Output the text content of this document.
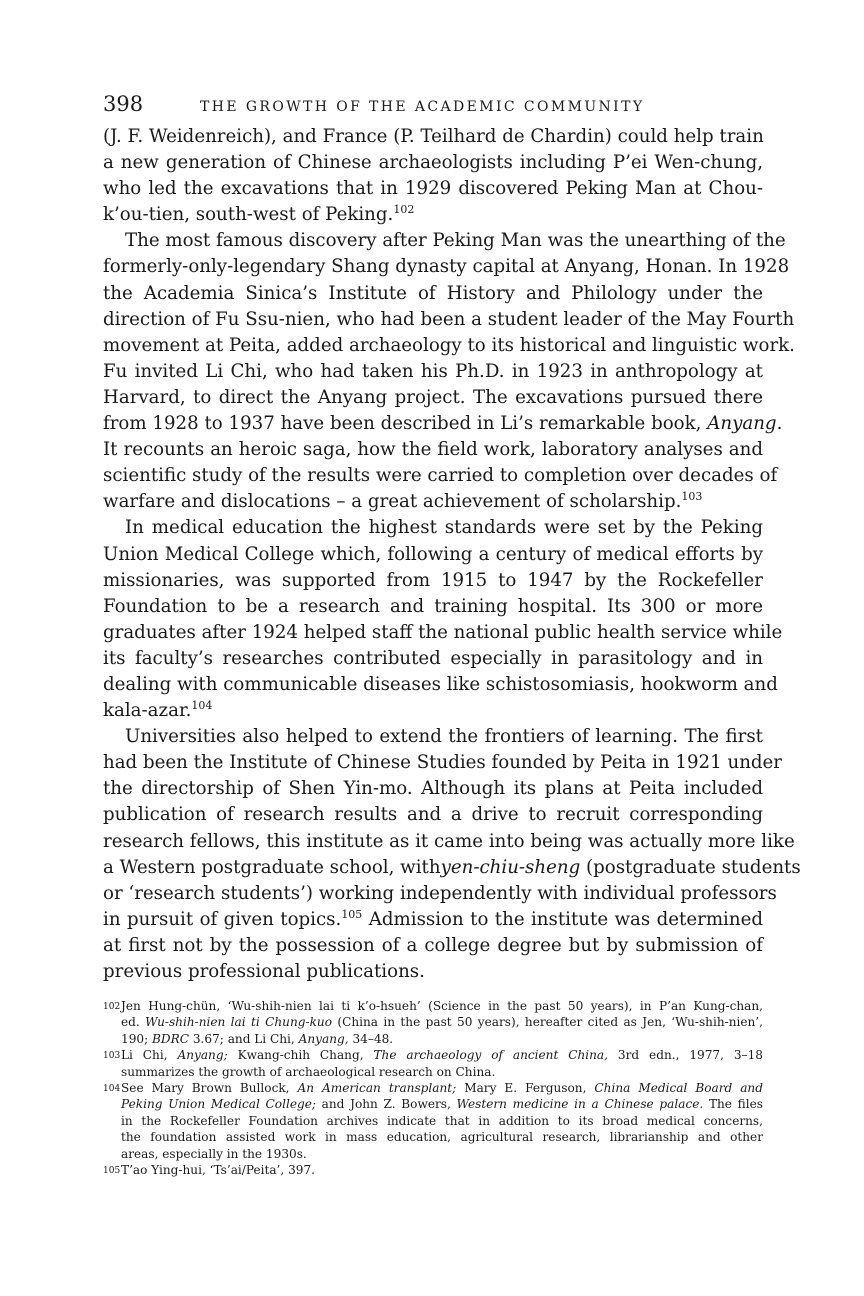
398	THE GROWTH OF THE ACADEMIC COMMUNITY
(J. F. Weidenreich), and France (P. Teilhard de Chardin) could help train
a new generation of Chinese archaeologists including P’ei Wen-chung,
who led the excavations that in 1929 discovered Peking Man at Chou-
k’ou-tien, south-west of Peking.$^{102}$
The most famous discovery after Peking Man was the unearthing of the
formerly-only-legendary Shang dynasty capital at Anyang, Honan. In 1928
the Academia Sinica’s Institute of History and Philology under the
direction of Fu Ssu-nien, who had been a student leader of the May Fourth
movement at Peita, added archaeology to its historical and linguistic work.
Fu invited Li Chi, who had taken his Ph.D. in 1923 in anthropology at
Harvard, to direct the Anyang project. The excavations pursued there
from 1928 to 1937 have been described in Li’s remarkable book, Anyang.
It recounts an heroic saga, how the field work, laboratory analyses and
scientific study of the results were carried to completion over decades of
warfare and dislocations – a great achievement of scholarship.$^{103}$
In medical education the highest standards were set by the Peking
Union Medical College which, following a century of medical efforts by
missionaries, was supported from 1915 to 1947 by the Rockefeller
Foundation to be a research and training hospital. Its 300 or more
graduates after 1924 helped staff the national public health service while
its faculty’s researches contributed especially in parasitology and in
dealing with communicable diseases like schistosomiasis, hookworm and
kala-azar.$^{104}$
Universities also helped to extend the frontiers of learning. The first
had been the Institute of Chinese Studies founded by Peita in 1921 under
the directorship of Shen Yin-mo. Although its plans at Peita included
publication of research results and a drive to recruit corresponding
research fellows, this institute as it came into being was actually more like
a Western postgraduate school, withyen-chiu-sheng (postgraduate students
or ‘research students’) working independently with individual professors
in pursuit of given topics.$^{105}$ Admission to the institute was determined
at first not by the possession of a college degree but by submission of
previous professional publications.
102Jen Hung-chün, ‘Wu-shih-nien lai ti k’o-hsueh’ (Science in the past 50 years), in P’an Kung-chan,
ed. Wu-shih-nien lai ti Chung-kuo (China in the past 50 years), hereafter cited as Jen, ‘Wu-shih-nien’,
190; BDRC 3.67; and Li Chi, Anyang, 34–48.
103Li Chi, Anyang; Kwang-chih Chang, The archaeology of ancient China, 3rd edn., 1977, 3–18
summarizes the growth of archaeological research on China.
104See Mary Brown Bullock, An American transplant; Mary E. Ferguson, China Medical Board and
Peking Union Medical College; and John Z. Bowers, Western medicine in a Chinese palace. The files
in the Rockefeller Foundation archives indicate that in addition to its broad medical concerns,
the foundation assisted work in mass education, agricultural research, librarianship and other
areas, especially in the 1930s.
105T’ao Ying-hui, ‘Ts’ai/Peita’, 397.
